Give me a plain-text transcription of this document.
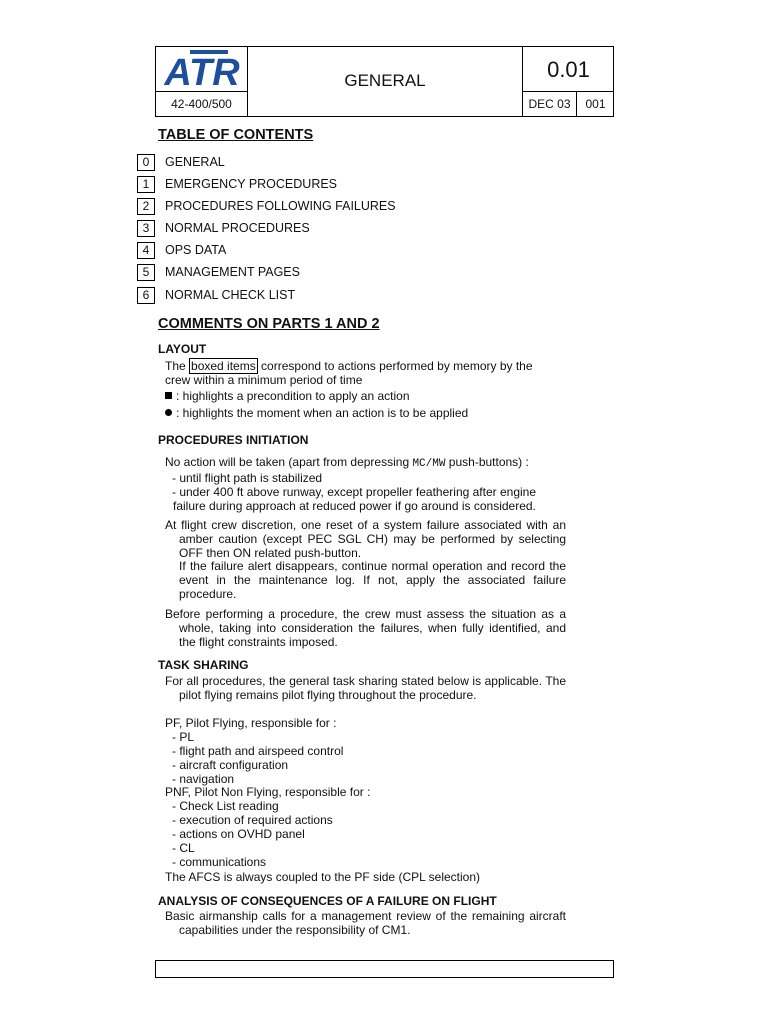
ATR
42-400/500
GENERAL	0.01
DEC 03	001
TABLE OF CONTENTS
0	GENERAL
1	EMERGENCY PROCEDURES
2	PROCEDURES FOLLOWING FAILURES
3	NORMAL PROCEDURES
4	OPS DATA
5	MANAGEMENT PAGES
6	NORMAL CHECK LIST
COMMENTS ON PARTS 1 AND 2
LAYOUT
The boxed items correspond to actions performed by memory by the
crew within a minimum period of time
: highlights a precondition to apply an action
: highlights the moment when an action is to be applied
PROCEDURES INITIATION
No action will be taken (apart from depressing MC/MW push-buttons) :
- until flight path is stabilized
- under 400 ft above runway, except propeller feathering after engine
failure during approach at reduced power if go around is considered.
At flight crew discretion, one reset of a system failure associated with an amber caution (except PEC SGL CH) may be performed by selecting OFF then ON related push-button.
If the failure alert disappears, continue normal operation and record the event in the maintenance log. If not, apply the associated failure procedure.
Before performing a procedure, the crew must assess the situation as a whole, taking into consideration the failures, when fully identified, and the flight constraints imposed.
TASK SHARING
For all procedures, the general task sharing stated below is applicable. The pilot flying remains pilot flying throughout the procedure.
PF, Pilot Flying, responsible for :
- PL
- flight path and airspeed control
- aircraft configuration
- navigation
PNF, Pilot Non Flying, responsible for :
- Check List reading
- execution of required actions
- actions on OVHD panel
- CL
- communications
The AFCS is always coupled to the PF side (CPL selection)
ANALYSIS OF CONSEQUENCES OF A FAILURE ON FLIGHT
Basic airmanship calls for a management review of the remaining aircraft capabilities under the responsibility of CM1.
